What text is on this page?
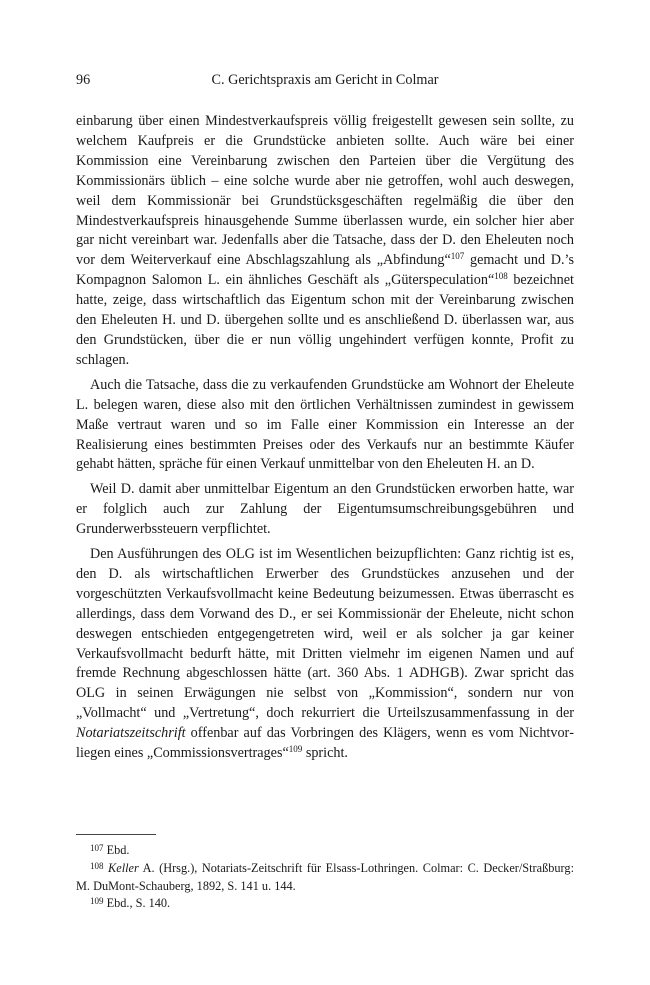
96	C. Gerichtspraxis am Gericht in Colmar

einbarung über einen Mindestverkaufspreis völlig freigestellt gewesen sein sollte, zu welchem Kaufpreis er die Grundstücke anbieten sollte. Auch wäre bei einer Kommission eine Vereinbarung zwischen den Parteien über die Vergütung des Kommissionärs üblich – eine solche wurde aber nie getroffen, wohl auch deswegen, weil dem Kommissionär bei Grundstücksgeschäften regelmäßig die über den Mindestverkaufspreis hinausgehende Summe überlassen wurde, ein solcher hier aber gar nicht vereinbart war. Jedenfalls aber die Tatsache, dass der D. den Eheleuten noch vor dem Weiterverkauf eine Abschlagszahlung als „Abfindung“$^{107}$ gemacht und D.’s Kompagnon Salomon L. ein ähnliches Geschäft als „Güterspeculation“$^{108}$ bezeichnet hatte, zeige, dass wirtschaftlich das Eigentum schon mit der Vereinbarung zwischen den Eheleuten H. und D. übergehen sollte und es anschließend D. überlassen war, aus den Grundstücken, über die er nun völlig ungehindert verfügen konnte, Profit zu schlagen.

Auch die Tatsache, dass die zu verkaufenden Grundstücke am Wohnort der Eheleute L. belegen waren, diese also mit den örtlichen Verhältnissen zumindest in gewissem Maße vertraut waren und so im Falle einer Kommission ein Interesse an der Realisierung eines bestimmten Preises oder des Verkaufs nur an bestimmte Käufer gehabt hätten, spräche für einen Verkauf unmittelbar von den Eheleuten H. an D.

Weil D. damit aber unmittelbar Eigentum an den Grundstücken erworben hatte, war er folglich auch zur Zahlung der Eigentumsumschreibungsgebühren und Grunderwerbssteuern verpflichtet.

Den Ausführungen des OLG ist im Wesentlichen beizupflichten: Ganz richtig ist es, den D. als wirtschaftlichen Erwerber des Grundstückes anzusehen und der vorgeschützten Verkaufsvollmacht keine Bedeutung beizumessen. Etwas überrascht es allerdings, dass dem Vorwand des D., er sei Kommissionär der Eheleute, nicht schon deswegen entschieden entgegengetreten wird, weil er als solcher ja gar keiner Verkaufsvollmacht bedurft hätte, mit Dritten vielmehr im eigenen Namen und auf fremde Rechnung abgeschlossen hätte (art. 360 Abs. 1 ADHGB). Zwar spricht das OLG in seinen Erwägungen nie selbst von „Kommission“, sondern nur von „Vollmacht“ und „Vertretung“, doch rekurriert die Urteilszusammenfassung in der Notariatszeitschrift offenbar auf das Vorbringen des Klägers, wenn es vom Nichtvorliegen eines „Commissionsvertrages“$^{109}$ spricht.

$^{107}$ Ebd.
$^{108}$ Keller A. (Hrsg.), Notariats-Zeitschrift für Elsass-Lothringen. Colmar: C. Decker/Straßburg: M. DuMont-Schauberg, 1892, S. 141 u. 144.
$^{109}$ Ebd., S. 140.
